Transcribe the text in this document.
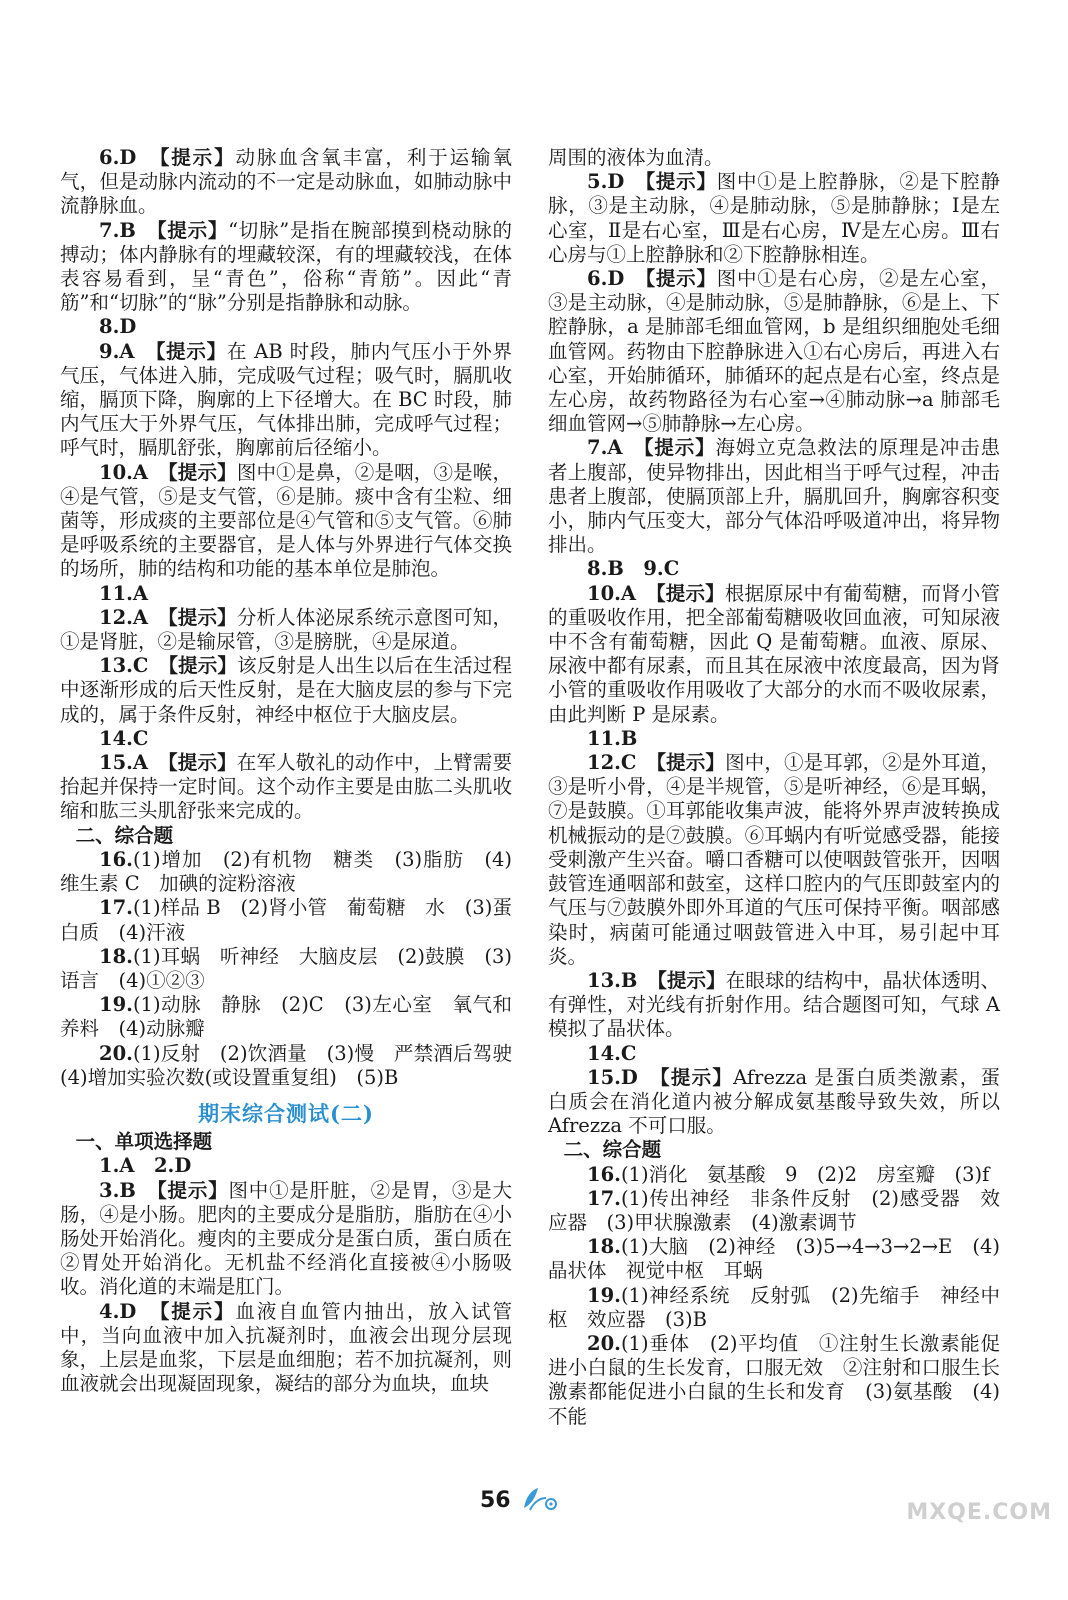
6.D　【提示】动脉血含氧丰富，利于运输氧气，但是动脉内流动的不一定是动脉血，如肺动脉中流静脉血。

7.B　【提示】“切脉”是指在腕部摸到桡动脉的搏动；体内静脉有的埋藏较深，有的埋藏较浅，在体表容易看到，呈“青色”，俗称“青筋”。因此“青筋”和“切脉”的“脉”分别是指静脉和动脉。

8.D

9.A　【提示】在 AB 时段，肺内气压小于外界气压，气体进入肺，完成吸气过程；吸气时，膈肌收缩，膈顶下降，胸廓的上下径增大。在 BC 时段，肺内气压大于外界气压，气体排出肺，完成呼气过程；呼气时，膈肌舒张，胸廓前后径缩小。

10.A　【提示】图中①是鼻，②是咽，③是喉，④是气管，⑤是支气管，⑥是肺。痰中含有尘粒、细菌等，形成痰的主要部位是④气管和⑤支气管。⑥肺是呼吸系统的主要器官，是人体与外界进行气体交换的场所，肺的结构和功能的基本单位是肺泡。

11.A

12.A　【提示】分析人体泌尿系统示意图可知，①是肾脏，②是输尿管，③是膀胱，④是尿道。

13.C　【提示】该反射是人出生以后在生活过程中逐渐形成的后天性反射，是在大脑皮层的参与下完成的，属于条件反射，神经中枢位于大脑皮层。

14.C

15.A　【提示】在军人敬礼的动作中，上臂需要抬起并保持一定时间。这个动作主要是由肱二头肌收缩和肱三头肌舒张来完成的。

二、综合题

16.(1)增加　(2)有机物　糖类　(3)脂肪　(4)维生素 C　加碘的淀粉溶液

17.(1)样品 B　(2)肾小管　葡萄糖　水　(3)蛋白质　(4)汗液

18.(1)耳蜗　听神经　大脑皮层　(2)鼓膜　(3)语言　(4)①②③

19.(1)动脉　静脉　(2)C　(3)左心室　氧气和养料　(4)动脉瓣

20.(1)反射　(2)饮酒量　(3)慢　严禁酒后驾驶　(4)增加实验次数(或设置重复组)　(5)B

期末综合测试(二)

一、单项选择题

1.A　2.D

3.B　【提示】图中①是肝脏，②是胃，③是大肠，④是小肠。肥肉的主要成分是脂肪，脂肪在④小肠处开始消化。瘦肉的主要成分是蛋白质，蛋白质在②胃处开始消化。无机盐不经消化直接被④小肠吸收。消化道的末端是肛门。

4.D　【提示】血液自血管内抽出，放入试管中，当向血液中加入抗凝剂时，血液会出现分层现象，上层是血浆，下层是血细胞；若不加抗凝剂，则血液就会出现凝固现象，凝结的部分为血块，血块

周围的液体为血清。

5.D　【提示】图中①是上腔静脉，②是下腔静脉，③是主动脉，④是肺动脉，⑤是肺静脉；Ⅰ是左心室，Ⅱ是右心室，Ⅲ是右心房，Ⅳ是左心房。Ⅲ右心房与①上腔静脉和②下腔静脉相连。

6.D　【提示】图中①是右心房，②是左心室，③是主动脉，④是肺动脉，⑤是肺静脉，⑥是上、下腔静脉，a 是肺部毛细血管网，b 是组织细胞处毛细血管网。药物由下腔静脉进入①右心房后，再进入右心室，开始肺循环，肺循环的起点是右心室，终点是左心房，故药物路径为右心室→④肺动脉→a 肺部毛细血管网→⑤肺静脉→左心房。

7.A　【提示】海姆立克急救法的原理是冲击患者上腹部，使异物排出，因此相当于呼气过程，冲击患者上腹部，使膈顶部上升，膈肌回升，胸廓容积变小，肺内气压变大，部分气体沿呼吸道冲出，将异物排出。

8.B　9.C

10.A　【提示】根据原尿中有葡萄糖，而肾小管的重吸收作用，把全部葡萄糖吸收回血液，可知尿液中不含有葡萄糖，因此 Q 是葡萄糖。血液、原尿、尿液中都有尿素，而且其在尿液中浓度最高，因为肾小管的重吸收作用吸收了大部分的水而不吸收尿素，由此判断 P 是尿素。

11.B

12.C　【提示】图中，①是耳郭，②是外耳道，③是听小骨，④是半规管，⑤是听神经，⑥是耳蜗，⑦是鼓膜。①耳郭能收集声波，能将外界声波转换成机械振动的是⑦鼓膜。⑥耳蜗内有听觉感受器，能接受刺激产生兴奋。嚼口香糖可以使咽鼓管张开，因咽鼓管连通咽部和鼓室，这样口腔内的气压即鼓室内的气压与⑦鼓膜外即外耳道的气压可保持平衡。咽部感染时，病菌可能通过咽鼓管进入中耳，易引起中耳炎。

13.B　【提示】在眼球的结构中，晶状体透明、有弹性，对光线有折射作用。结合题图可知，气球 A 模拟了晶状体。

14.C

15.D　【提示】Afrezza 是蛋白质类激素，蛋白质会在消化道内被分解成氨基酸导致失效，所以 Afrezza 不可口服。

二、综合题

16.(1)消化　氨基酸　9　(2)2　房室瓣　(3)f

17.(1)传出神经　非条件反射　(2)感受器　效应器　(3)甲状腺激素　(4)激素调节

18.(1)大脑　(2)神经　(3)5→4→3→2→E　(4)晶状体　视觉中枢　耳蜗

19.(1)神经系统　反射弧　(2)先缩手　神经中枢　效应器　(3)B

20.(1)垂体　(2)平均值　①注射生长激素能促进小白鼠的生长发育，口服无效　②注射和口服生长激素都能促进小白鼠的生长和发育　(3)氨基酸　(4)不能

56	MXQE.COM
